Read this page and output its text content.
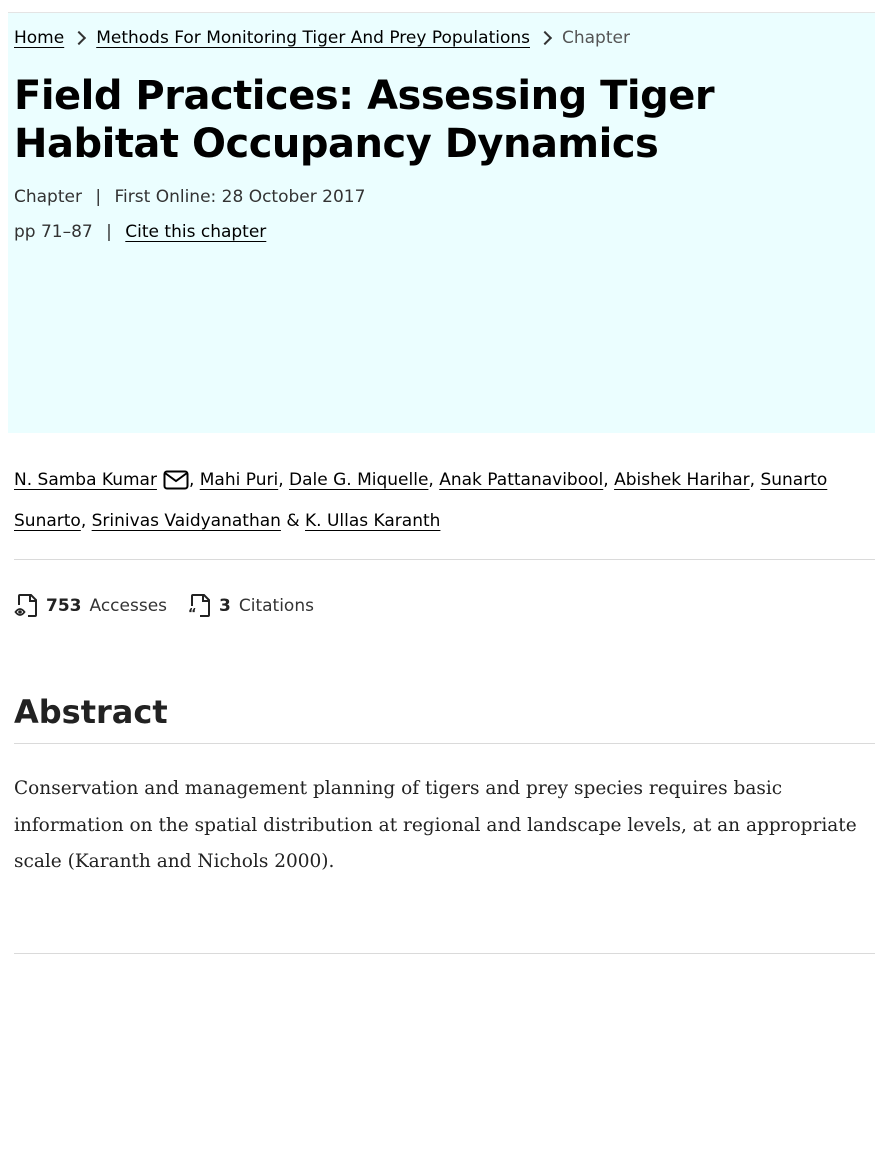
Home Methods For Monitoring Tiger And Prey Populations Chapter
Field Practices: Assessing Tiger Habitat Occupancy Dynamics
Chapter | First Online: 28 October 2017
pp 71–87 | Cite this chapter
N. Samba Kumar , Mahi Puri, Dale G. Miquelle, Anak Pattanavibool, Abishek Harihar, Sunarto Sunarto, Srinivas Vaidyanathan & K. Ullas Karanth
753 Accesses “ 3 Citations
Abstract

Conservation and management planning of tigers and prey species requires basic information on the spatial distribution at regional and landscape levels, at an appropriate scale (Karanth and Nichols 2000).
